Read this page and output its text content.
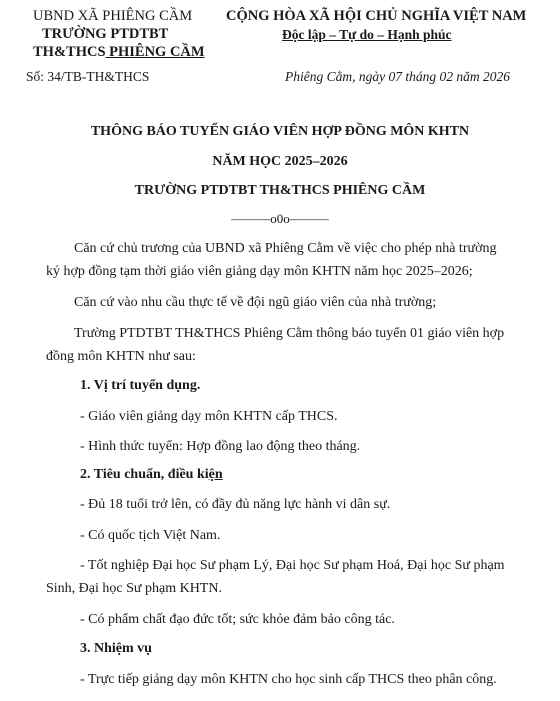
UBND XÃ PHIÊNG CẦM
TRƯỜNG PTDTBT
TH&THCS PHIÊNG CẦM
Số: 34/TB-TH&THCS
CỘNG HÒA XÃ HỘI CHỦ NGHĨA VIỆT NAM
Độc lập – Tự do – Hạnh phúc
Phiêng Cằm, ngày 07 tháng 02 năm 2026
THÔNG BÁO TUYỂN GIÁO VIÊN HỢP ĐỒNG MÔN KHTN
NĂM HỌC 2025–2026
TRƯỜNG PTDTBT TH&THCS PHIÊNG CẦM
———o0o———
Căn cứ chủ trương của UBND xã Phiêng Cằm về việc cho phép nhà trường
ký hợp đồng tạm thời giáo viên giảng dạy môn KHTN năm học 2025–2026;
Căn cứ vào nhu cầu thực tế về đội ngũ giáo viên của nhà trường;
Trường PTDTBT TH&THCS Phiêng Cằm thông báo tuyển 01 giáo viên hợp
đồng môn KHTN như sau:
1. Vị trí tuyển dụng.
- Giáo viên giảng dạy môn KHTN cấp THCS.
- Hình thức tuyển: Hợp đồng lao động theo tháng.
2. Tiêu chuẩn, điều kiện
- Đủ 18 tuổi trở lên, có đầy đủ năng lực hành vi dân sự.
- Có quốc tịch Việt Nam.
- Tốt nghiệp Đại học Sư phạm Lý, Đại học Sư phạm Hoá, Đại học Sư phạm
Sinh, Đại học Sư phạm KHTN.
- Có phẩm chất đạo đức tốt; sức khỏe đảm bảo công tác.
3. Nhiệm vụ
- Trực tiếp giảng dạy môn KHTN cho học sinh cấp THCS theo phân công.
